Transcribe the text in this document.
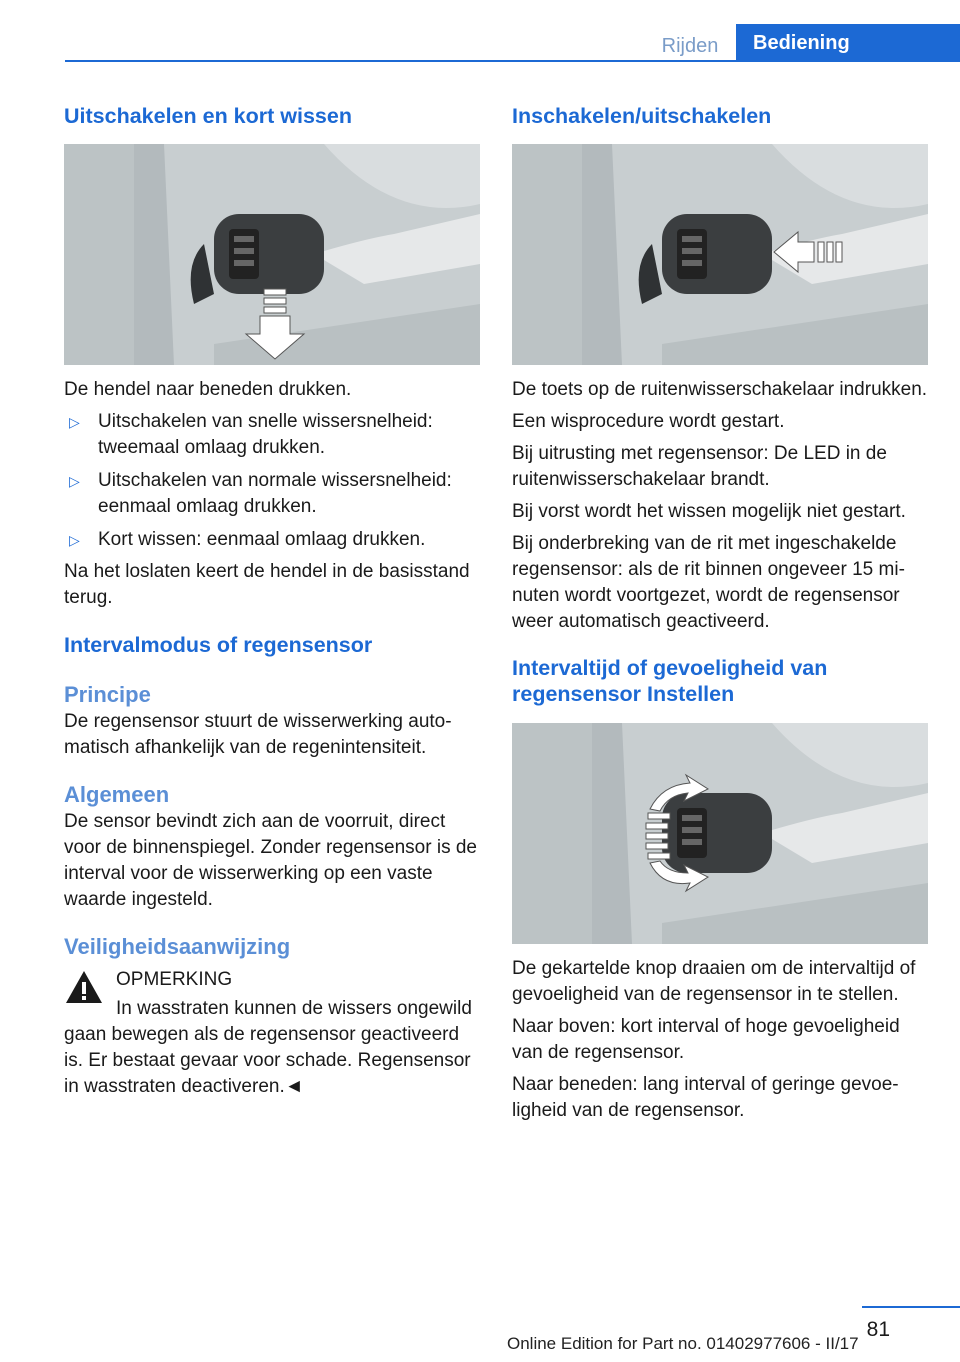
Rijden	Bediening
Uitschakelen en kort wissen

De hendel naar beneden drukken.

▷ Uitschakelen van snelle wissersnelheid: tweemaal omlaag drukken.
▷ Uitschakelen van normale wissersnelheid: eenmaal omlaag drukken.
▷ Kort wissen: eenmaal omlaag drukken.

Na het loslaten keert de hendel in de basisstand terug.

Intervalmodus of regensensor
Principe

De regensensor stuurt de wisserwerking automatisch afhankelijk van de regenintensiteit.

Algemeen

De sensor bevindt zich aan de voorruit, direct voor de binnenspiegel. Zonder regensensor is de interval voor de wisserwerking op een vaste waarde ingesteld.

Veiligheidsaanwijzing
OPMERKING
In wasstraten kunnen de wissers ongewild gaan bewegen als de regensensor geactiveerd is. Er bestaat gevaar voor schade. Regensensor in wasstraten deactiveren.◄
Inschakelen/uitschakelen

De toets op de ruitenwisserschakelaar indrukken.

Een wisprocedure wordt gestart.

Bij uitrusting met regensensor: De LED in de ruitenwisserschakelaar brandt.

Bij vorst wordt het wissen mogelijk niet gestart.

Bij onderbreking van de rit met ingeschakelde regensensor: als de rit binnen ongeveer 15 minuten wordt voortgezet, wordt de regensensor weer automatisch geactiveerd.

Intervaltijd of gevoeligheid van regensensor Instellen

De gekartelde knop draaien om de intervaltijd of gevoeligheid van de regensensor in te stellen.

Naar boven: kort interval of hoge gevoeligheid van de regensensor.

Naar beneden: lang interval of geringe gevoeligheid van de regensensor.

81
Online Edition for Part no. 01402977606 - II/17
